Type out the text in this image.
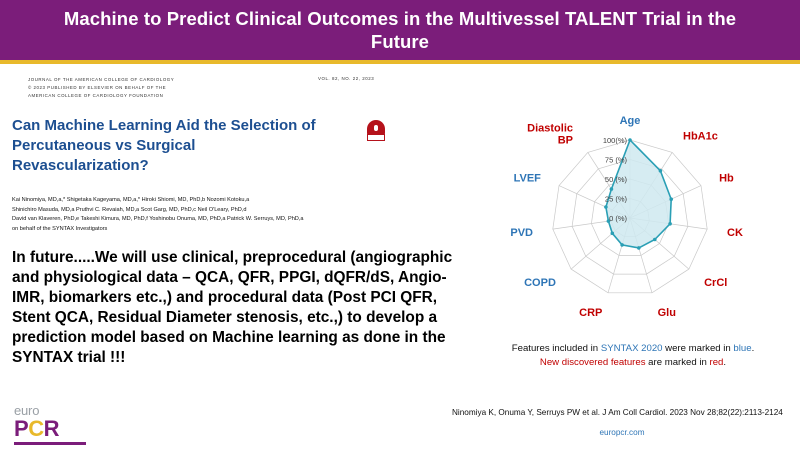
Machine to Predict Clinical Outcomes in the Multivessel TALENT Trial in the Future
JOURNAL OF THE AMERICAN COLLEGE OF CARDIOLOGY
© 2023 PUBLISHED BY ELSEVIER ON BEHALF OF THE
AMERICAN COLLEGE OF CARDIOLOGY FOUNDATION
VOL. 82, NO. 22, 2023
Can Machine Learning Aid the Selection of Percutaneous vs Surgical Revascularization?
Kai Ninomiya, MD,a,* Shigetaka Kageyama, MD,a,* Hiroki Shiomi, MD, PhD,b Nozomi Kotoku,a
Shinichiro Masuda, MD,a Pruthvi C. Revaiah, MD,a Scot Garg, MD, PhD,c Neil O'Leary, PhD,d
David van Klaveren, PhD,e Takeshi Kimura, MD, PhD,f Yoshinobu Onuma, MD, PhD,a Patrick W. Serruys, MD, PhD,a
on behalf of the SYNTAX Investigators
In future.....We will use clinical, preprocedural (angiographic and physiological data – QCA, QFR, PPGI, dQFR/dS, Angio-IMR, biomarkers etc.,) and procedural data (Post PCI QFR, Stent QCA, Residual Diameter stenosis, etc.,) to develop a prediction model based on Machine learning as done in the SYNTAX trial !!!
0 (%)
25 (%)
50 (%)
75 (%)
100(%)
Age
HbA1c
Hb
CK
CrCl
Glu
CRP
COPD
PVD
LVEF
Diastolic
BP
Features included in SYNTAX 2020 were marked in blue.
New discovered features are marked in red.
Ninomiya K, Onuma Y, Serruys PW et al. J Am Coll Cardiol. 2023 Nov 28;82(22):2113-2124
europcr.com
euro
PCR
